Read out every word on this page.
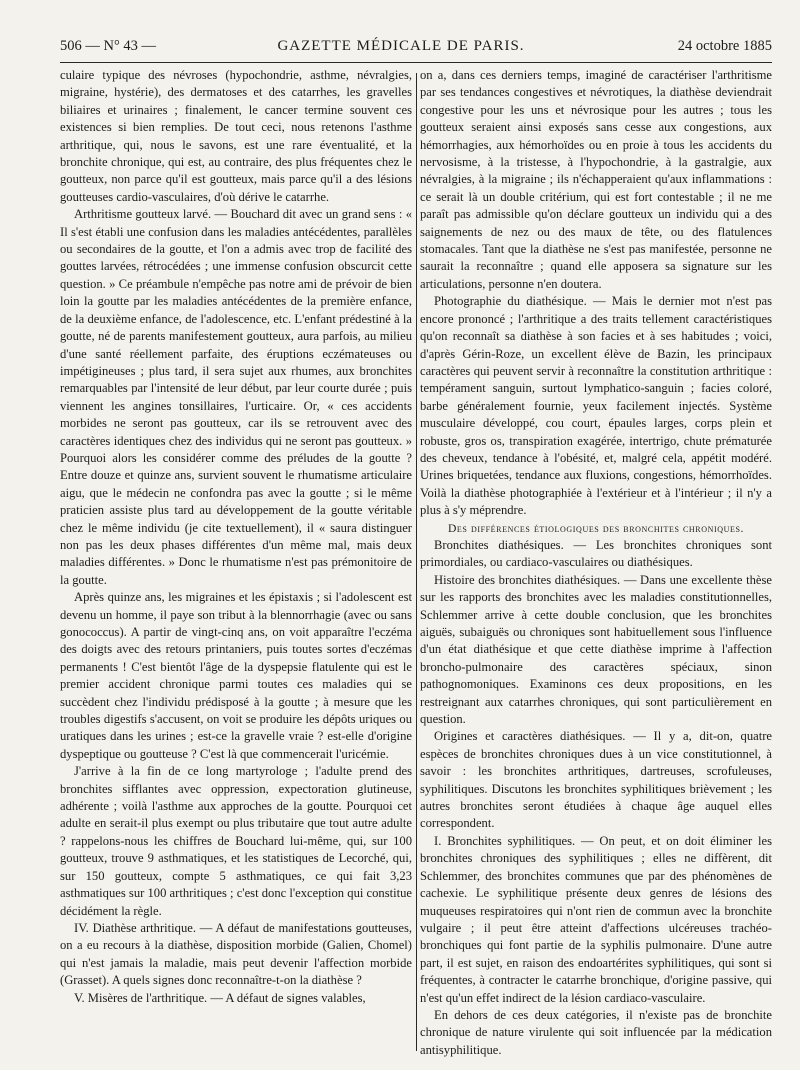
506 — N° 43 —	GAZETTE MÉDICALE DE PARIS.	24 octobre 1885

culaire typique des névroses (hypochondrie, asthme, névralgies, migraine, hystérie), des dermatoses et des catarrhes, les gravelles biliaires et urinaires ; finalement, le cancer termine souvent ces existences si bien remplies. De tout ceci, nous retenons l'asthme arthritique, qui, nous le savons, est une rare éventualité, et la bronchite chronique, qui est, au contraire, des plus fréquentes chez le goutteux, non parce qu'il est goutteux, mais parce qu'il a des lésions goutteuses cardio-vasculaires, d'où dérive le catarrhe.

Arthritisme goutteux larvé. — Bouchard dit avec un grand sens : « Il s'est établi une confusion dans les maladies antécédentes, parallèles ou secondaires de la goutte, et l'on a admis avec trop de facilité des gouttes larvées, rétrocédées ; une immense confusion obscurcit cette question. » Ce préambule n'empêche pas notre ami de prévoir de bien loin la goutte par les maladies antécédentes de la première enfance, de la deuxième enfance, de l'adolescence, etc. L'enfant prédestiné à la goutte, né de parents manifestement goutteux, aura parfois, au milieu d'une santé réellement parfaite, des éruptions eczémateuses ou impétigineuses ; plus tard, il sera sujet aux rhumes, aux bronchites remarquables par l'intensité de leur début, par leur courte durée ; puis viennent les angines tonsillaires, l'urticaire. Or, « ces accidents morbides ne seront pas goutteux, car ils se retrouvent avec des caractères identiques chez des individus qui ne seront pas goutteux. » Pourquoi alors les considérer comme des préludes de la goutte ? Entre douze et quinze ans, survient souvent le rhumatisme articulaire aigu, que le médecin ne confondra pas avec la goutte ; si le même praticien assiste plus tard au développement de la goutte véritable chez le même individu (je cite textuellement), il « saura distinguer non pas les deux phases différentes d'un même mal, mais deux maladies différentes. » Donc le rhumatisme n'est pas prémonitoire de la goutte.

Après quinze ans, les migraines et les épistaxis ; si l'adolescent est devenu un homme, il paye son tribut à la blennorrhagie (avec ou sans gonococcus). A partir de vingt-cinq ans, on voit apparaître l'eczéma des doigts avec des retours printaniers, puis toutes sortes d'eczémas permanents ! C'est bientôt l'âge de la dyspepsie flatulente qui est le premier accident chronique parmi toutes ces maladies qui se succèdent chez l'individu prédisposé à la goutte ; à mesure que les troubles digestifs s'accusent, on voit se produire les dépôts uriques ou uratiques dans les urines ; est-ce la gravelle vraie ? est-elle d'origine dyspeptique ou goutteuse ? C'est là que commencerait l'uricémie.

J'arrive à la fin de ce long martyrologe ; l'adulte prend des bronchites sifflantes avec oppression, expectoration glutineuse, adhérente ; voilà l'asthme aux approches de la goutte. Pourquoi cet adulte en serait-il plus exempt ou plus tributaire que tout autre adulte ? rappelons-nous les chiffres de Bouchard lui-même, qui, sur 100 goutteux, trouve 9 asthmatiques, et les statistiques de Lecorché, qui, sur 150 goutteux, compte 5 asthmatiques, ce qui fait 3,23 asthmatiques sur 100 arthritiques ; c'est donc l'exception qui constitue décidément la règle.

IV. Diathèse arthritique. — A défaut de manifestations goutteuses, on a eu recours à la diathèse, disposition morbide (Galien, Chomel) qui n'est jamais la maladie, mais peut devenir l'affection morbide (Grasset). A quels signes donc reconnaître-t-on la diathèse ?

V. Misères de l'arthritique. — A défaut de signes valables,

on a, dans ces derniers temps, imaginé de caractériser l'arthritisme par ses tendances congestives et névrotiques, la diathèse deviendrait congestive pour les uns et névrosique pour les autres ; tous les goutteux seraient ainsi exposés sans cesse aux congestions, aux hémorrhagies, aux hémorhoïdes ou en proie à tous les accidents du nervosisme, à la tristesse, à l'hypochondrie, à la gastralgie, aux névralgies, à la migraine ; ils n'échapperaient qu'aux inflammations : ce serait là un double critérium, qui est fort contestable ; il ne me paraît pas admissible qu'on déclare goutteux un individu qui a des saignements de nez ou des maux de tête, ou des flatulences stomacales. Tant que la diathèse ne s'est pas manifestée, personne ne saurait la reconnaître ; quand elle apposera sa signature sur les articulations, personne n'en doutera.

Photographie du diathésique. — Mais le dernier mot n'est pas encore prononcé ; l'arthritique a des traits tellement caractéristiques qu'on reconnaît sa diathèse à son facies et à ses habitudes ; voici, d'après Gérin-Roze, un excellent élève de Bazin, les principaux caractères qui peuvent servir à reconnaître la constitution arthritique : tempérament sanguin, surtout lymphatico-sanguin ; facies coloré, barbe généralement fournie, yeux facilement injectés. Système musculaire développé, cou court, épaules larges, corps plein et robuste, gros os, transpiration exagérée, intertrigo, chute prématurée des cheveux, tendance à l'obésité, et, malgré cela, appétit modéré. Urines briquetées, tendance aux fluxions, congestions, hémorrhoïdes. Voilà la diathèse photographiée à l'extérieur et à l'intérieur ; il n'y a plus à s'y méprendre.

Des différences étiologiques des bronchites chroniques.

Bronchites diathésiques. — Les bronchites chroniques sont primordiales, ou cardiaco-vasculaires ou diathésiques.

Histoire des bronchites diathésiques. — Dans une excellente thèse sur les rapports des bronchites avec les maladies constitutionnelles, Schlemmer arrive à cette double conclusion, que les bronchites aiguës, subaiguës ou chroniques sont habituellement sous l'influence d'un état diathésique et que cette diathèse imprime à l'affection broncho-pulmonaire des caractères spéciaux, sinon pathognomoniques. Examinons ces deux propositions, en les restreignant aux catarrhes chroniques, qui sont particulièrement en question.

Origines et caractères diathésiques. — Il y a, dit-on, quatre espèces de bronchites chroniques dues à un vice constitutionnel, à savoir : les bronchites arthritiques, dartreuses, scrofuleuses, syphilitiques. Discutons les bronchites syphilitiques brièvement ; les autres bronchites seront étudiées à chaque âge auquel elles correspondent.

I. Bronchites syphilitiques. — On peut, et on doit éliminer les bronchites chroniques des syphilitiques ; elles ne diffèrent, dit Schlemmer, des bronchites communes que par des phénomènes de cachexie. Le syphilitique présente deux genres de lésions des muqueuses respiratoires qui n'ont rien de commun avec la bronchite vulgaire ; il peut être atteint d'affections ulcéreuses trachéo-bronchiques qui font partie de la syphilis pulmonaire. D'une autre part, il est sujet, en raison des endoartérites syphilitiques, qui sont si fréquentes, à contracter le catarrhe bronchique, d'origine passive, qui n'est qu'un effet indirect de la lésion cardiaco-vasculaire.

En dehors de ces deux catégories, il n'existe pas de bronchite chronique de nature virulente qui soit influencée par la médication antisyphilitique.
